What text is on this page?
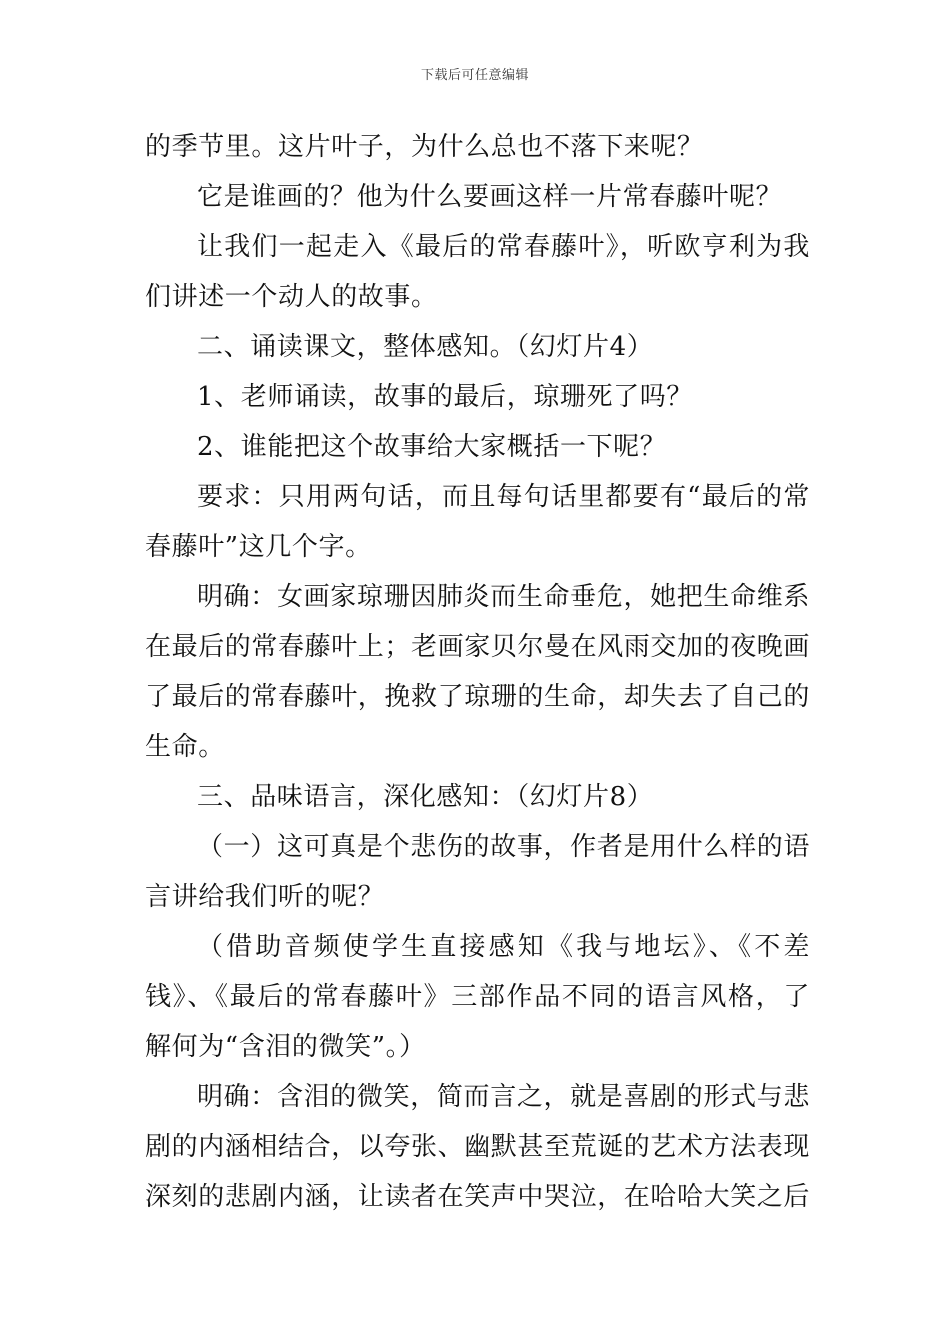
下载后可任意编辑

的季节里。这片叶子，为什么总也不落下来呢？

它是谁画的？他为什么要画这样一片常春藤叶呢？

让我们一起走入《最后的常春藤叶》，听欧亨利为我们讲述一个动人的故事。

二、诵读课文，整体感知。（幻灯片4）

1、老师诵读，故事的最后，琼珊死了吗？

2、谁能把这个故事给大家概括一下呢？

要求：只用两句话，而且每句话里都要有“最后的常春藤叶”这几个字。

明确：女画家琼珊因肺炎而生命垂危，她把生命维系在最后的常春藤叶上；老画家贝尔曼在风雨交加的夜晚画了最后的常春藤叶，挽救了琼珊的生命，却失去了自己的生命。

三、品味语言，深化感知：（幻灯片8）

（一）这可真是个悲伤的故事，作者是用什么样的语言讲给我们听的呢？

（借助音频使学生直接感知《我与地坛》、《不差钱》、《最后的常春藤叶》三部作品不同的语言风格，了解何为“含泪的微笑”。）

明确：含泪的微笑，简而言之，就是喜剧的形式与悲剧的内涵相结合，以夸张、幽默甚至荒诞的艺术方法表现深刻的悲剧内涵，让读者在笑声中哭泣，在哈哈大笑之后
